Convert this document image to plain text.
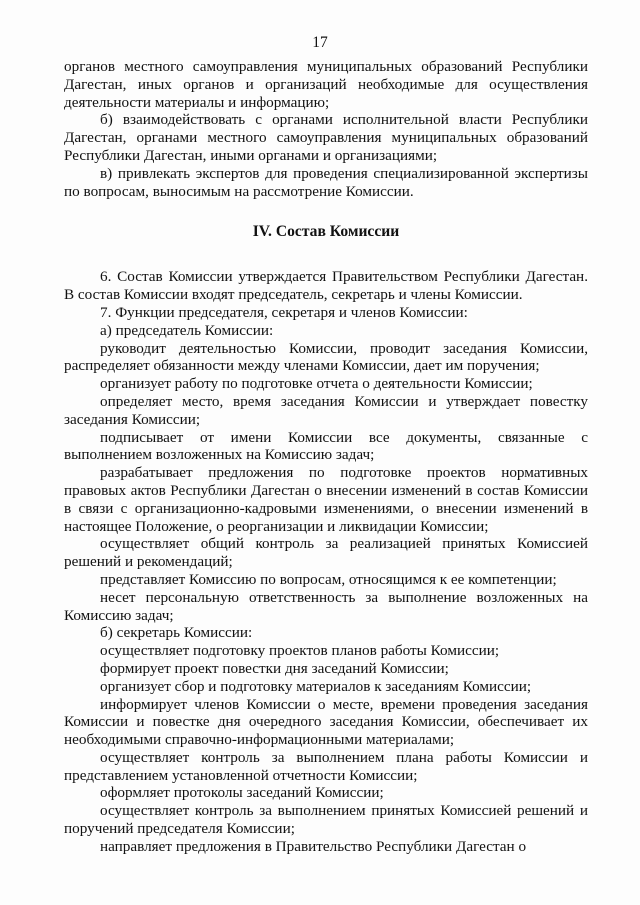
17

органов местного самоуправления муниципальных образований Республики Дагестан, иных органов и организаций необходимые для осуществления деятельности материалы и информацию;

б) взаимодействовать с органами исполнительной власти Республики Дагестан, органами местного самоуправления муниципальных образований Республики Дагестан, иными органами и организациями;

в) привлекать экспертов для проведения специализированной экспертизы по вопросам, выносимым на рассмотрение Комиссии.

IV. Состав Комиссии

6. Состав Комиссии утверждается Правительством Республики Дагестан. В состав Комиссии входят председатель, секретарь и члены Комиссии.

7. Функции председателя, секретаря и членов Комиссии:

а) председатель Комиссии:

руководит деятельностью Комиссии, проводит заседания Комиссии, распределяет обязанности между членами Комиссии, дает им поручения;

организует работу по подготовке отчета о деятельности Комиссии;

определяет место, время заседания Комиссии и утверждает повестку заседания Комиссии;

подписывает от имени Комиссии все документы, связанные с выполнением возложенных на Комиссию задач;

разрабатывает предложения по подготовке проектов нормативных правовых актов Республики Дагестан о внесении изменений в состав Комиссии в связи с организационно-кадровыми изменениями, о внесении изменений в настоящее Положение, о реорганизации и ликвидации Комиссии;

осуществляет общий контроль за реализацией принятых Комиссией решений и рекомендаций;

представляет Комиссию по вопросам, относящимся к ее компетенции;

несет персональную ответственность за выполнение возложенных на Комиссию задач;

б) секретарь Комиссии:

осуществляет подготовку проектов планов работы Комиссии;

формирует проект повестки дня заседаний Комиссии;

организует сбор и подготовку материалов к заседаниям Комиссии;

информирует членов Комиссии о месте, времени проведения заседания Комиссии и повестке дня очередного заседания Комиссии, обеспечивает их необходимыми справочно-информационными материалами;

осуществляет контроль за выполнением плана работы Комиссии и представлением установленной отчетности Комиссии;

оформляет протоколы заседаний Комиссии;

осуществляет контроль за выполнением принятых Комиссией решений и поручений председателя Комиссии;

направляет предложения в Правительство Республики Дагестан о
